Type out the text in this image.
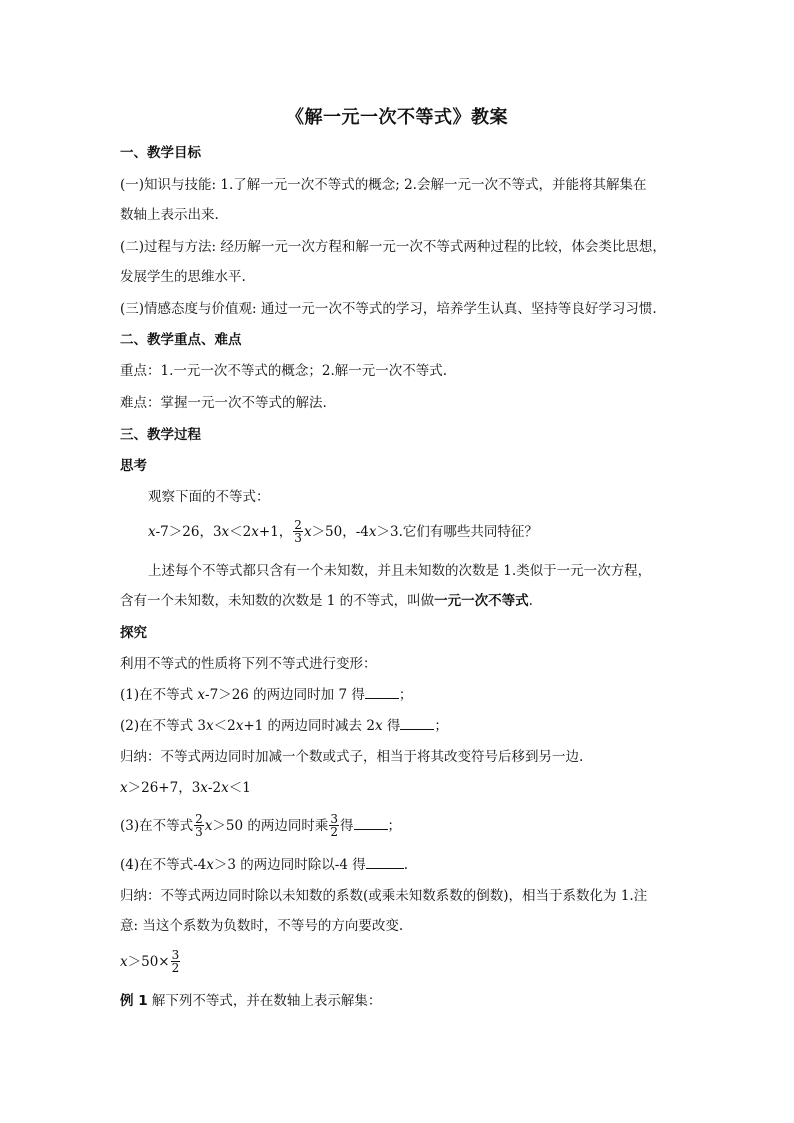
《解一元一次不等式》教案
一、教学目标
(一)知识与技能: 1.了解一元一次不等式的概念; 2.会解一元一次不等式，并能将其解集在
数轴上表示出来.
(二)过程与方法: 经历解一元一次方程和解一元一次不等式两种过程的比较，体会类比思想，
发展学生的思维水平.
(三)情感态度与价值观: 通过一元一次不等式的学习，培养学生认真、坚持等良好学习习惯.
二、教学重点、难点
重点：1.一元一次不等式的概念；2.解一元一次不等式.
难点：掌握一元一次不等式的解法.
三、教学过程
思考
观察下面的不等式：
x-7＞26，3x＜2x+1， $\frac{2}{3} x>50$，-4x＞3.它们有哪些共同特征？
上述每个不等式都只含有一个未知数，并且未知数的次数是 1.类似于一元一次方程，
含有一个未知数，未知数的次数是 1 的不等式，叫做一元一次不等式.
探究
利用不等式的性质将下列不等式进行变形：
(1)在不等式 x-7＞26 的两边同时加 7 得	；
(2)在不等式 3x＜2x+1 的两边同时减去 2x 得	；
归纳：不等式两边同时加减一个数或式子，相当于将其改变符号后移到另一边.
x＞26+7，3x-2x＜1
(3)在不等式 $\frac{2}{3} x>50$ 的两边同时乘 $\frac{3}{2}$ 得	；
(4)在不等式-4x＞3 的两边同时除以-4 得	.
归纳：不等式两边同时除以未知数的系数(或乘未知数系数的倒数)，相当于系数化为 1.注
意: 当这个系数为负数时，不等号的方向要改变.
$x>50\times \frac{3}{2}$
例 1 解下列不等式，并在数轴上表示解集：
